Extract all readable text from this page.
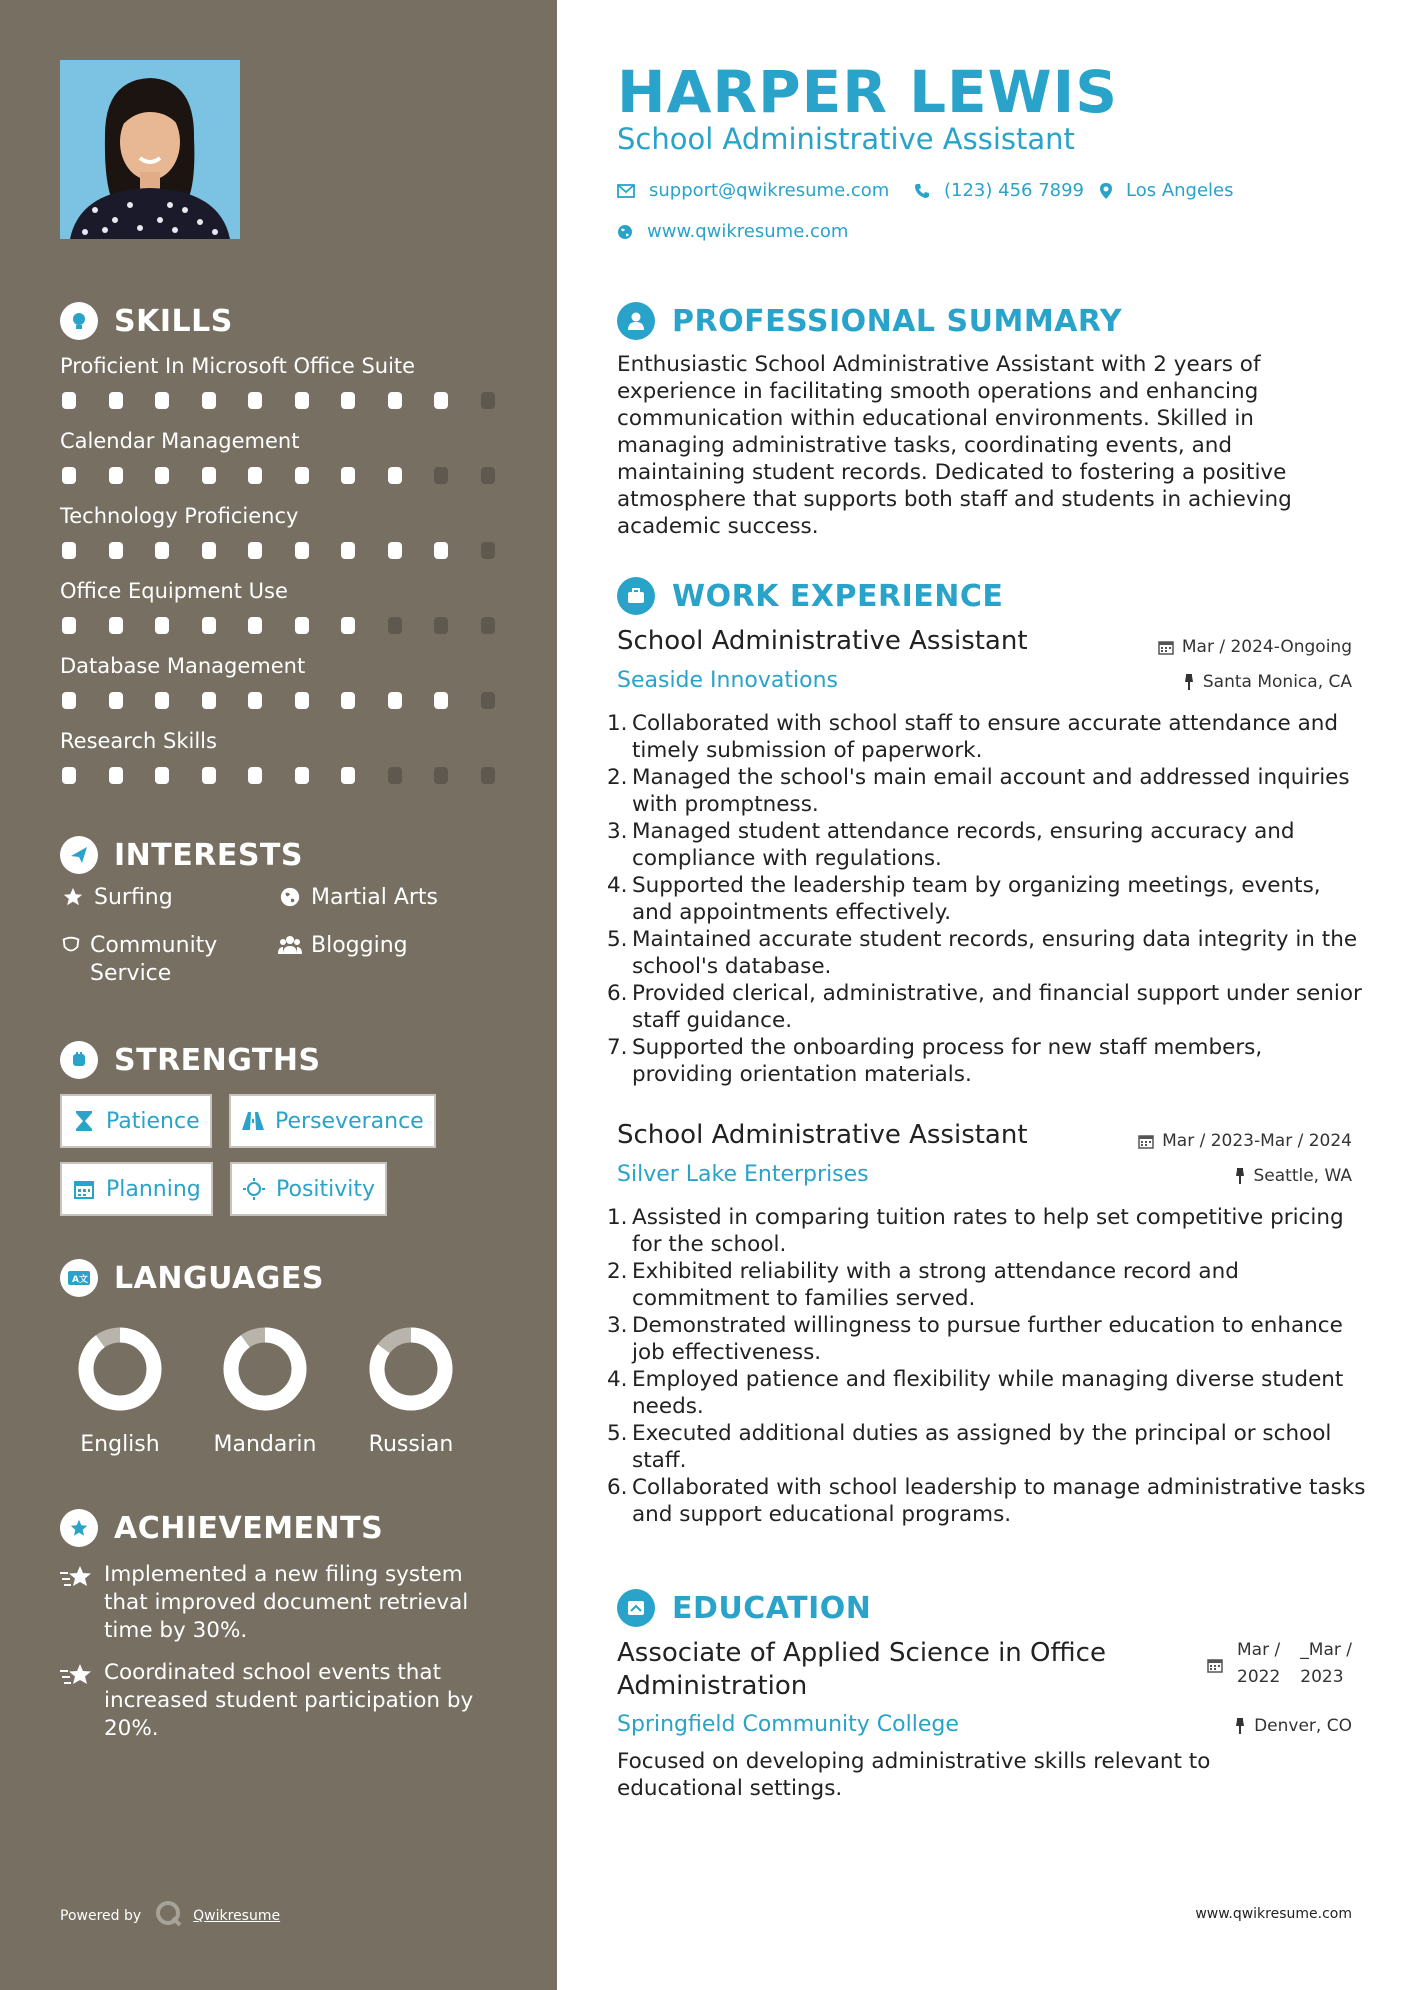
SKILLS
Proficient In Microsoft Office Suite
Calendar Management
Technology Proficiency
Office Equipment Use
Database Management
Research Skills
INTERESTS
Surfing	Martial Arts
Community Service
Blogging
STRENGTHS
Patience	Perseverance
Planning	Positivity
A文 LANGUAGES
English	Mandarin	Russian
ACHIEVEMENTS
Implemented a new filing system that improved document retrieval time by 30%.
Coordinated school events that increased student participation by 20%.
Powered by	Qwikresume
HARPER LEWIS
School Administrative Assistant
support@qwikresume.com	(123) 456 7899 Los Angeles
www.qwikresume.com
PROFESSIONAL SUMMARY
Enthusiastic School Administrative Assistant with 2 years of experience in facilitating smooth operations and enhancing communication within educational environments. Skilled in managing administrative tasks, coordinating events, and maintaining student records. Dedicated to fostering a positive atmosphere that supports both staff and students in achieving academic success.
WORK EXPERIENCE
School Administrative Assistant	Mar / 2024-Ongoing
Seaside Innovations	Santa Monica, CA
1. Collaborated with school staff to ensure accurate attendance and timely submission of paperwork.
2. Managed the school's main email account and addressed inquiries with promptness.
3. Managed student attendance records, ensuring accuracy and compliance with regulations.
4. Supported the leadership team by organizing meetings, events, and appointments effectively.
5. Maintained accurate student records, ensuring data integrity in the school's database.
6. Provided clerical, administrative, and financial support under senior staff guidance.
7. Supported the onboarding process for new staff members, providing orientation materials.
School Administrative Assistant	Mar / 2023-Mar / 2024
Silver Lake Enterprises	Seattle, WA
1. Assisted in comparing tuition rates to help set competitive pricing for the school.
2. Exhibited reliability with a strong attendance record and commitment to families served.
3. Demonstrated willingness to pursue further education to enhance job effectiveness.
4. Employed patience and flexibility while managing diverse student needs.
5. Executed additional duties as assigned by the principal or school staff.
6. Collaborated with school leadership to manage administrative tasks and support educational programs.
EDUCATION
Associate of Applied Science in Office Administration
Mar /
2022
_Mar /
2023
Springfield Community College	Denver, CO
Focused on developing administrative skills relevant to educational settings.
www.qwikresume.com
